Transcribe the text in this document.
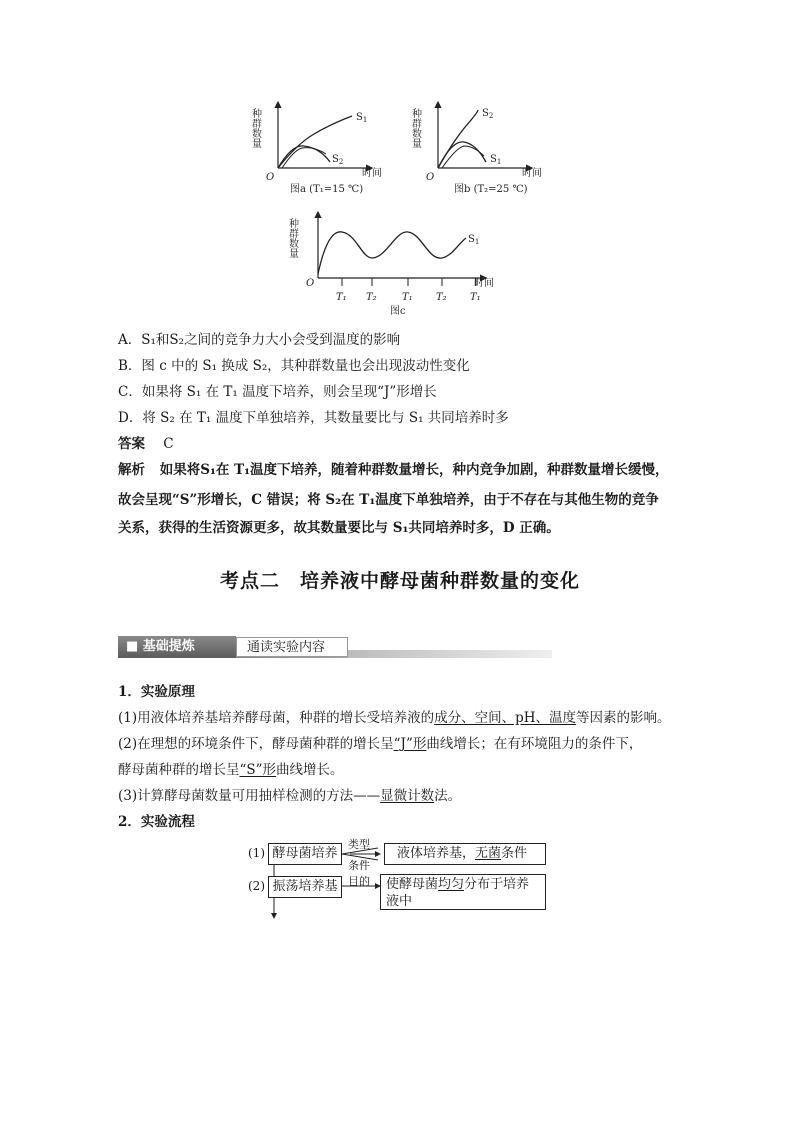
种群数量	$S_1$
$S_2$
O	时间
图a (T₁=15 ℃)
种群数量	$S_2$
$S_1$
O	时间
图b (T₂=25 ℃)
种群数量	$S_1$
O	时间
T₁ T₂	T₁ T₂ T₁
图c
A．S₁和S₂之间的竞争力大小会受到温度的影响
B．图 c 中的 S₁ 换成 S₂，其种群数量也会出现波动性变化
C．如果将 S₁ 在 T₁ 温度下培养，则会呈现“J”形增长
D．将 S₂ 在 T₁ 温度下单独培养，其数量要比与 S₁ 共同培养时多
答案 C
解析 如果将S₁在 T₁温度下培养，随着种群数量增长，种内竞争加剧，种群数量增长缓慢，
故会呈现“S”形增长，C 错误；将 S₂在 T₁温度下单独培养，由于不存在与其他生物的竞争
关系，获得的生活资源更多，故其数量要比与 S₁共同培养时多，D 正确。
考点二　培养液中酵母菌种群数量的变化
■ 基础提炼	通读实验内容
1．实验原理
(1)用液体培养基培养酵母菌，种群的增长受培养液的成分、空间、pH、温度等因素的影响。
(2)在理想的环境条件下，酵母菌种群的增长呈“J”形曲线增长；在有环境阻力的条件下，
酵母菌种群的增长呈“S”形曲线增长。
(3)计算酵母菌数量可用抽样检测的方法——显微计数法。
2．实验流程
(1) 酵母菌培养
类型
条件
液体培养基，无菌条件
(2) 振荡培养基 目的 使酵母菌均匀分布于培养
液中
